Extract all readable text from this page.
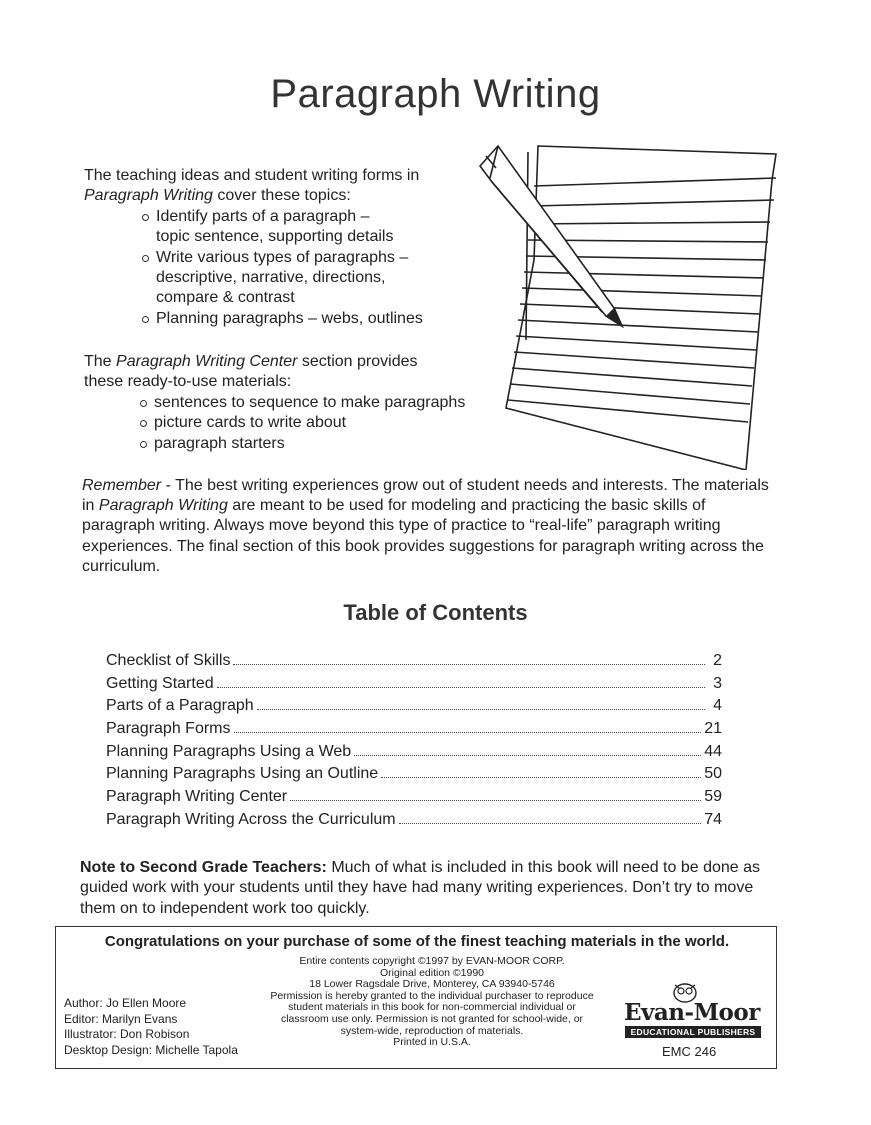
Paragraph Writing

The teaching ideas and student writing forms in

Paragraph Writing cover these topics:

Identify parts of a paragraph –
topic sentence, supporting details
Write various types of paragraphs –
descriptive, narrative, directions,
compare & contrast
Planning paragraphs – webs, outlines

The Paragraph Writing Center section provides

these ready-to-use materials:

sentences to sequence to make paragraphs
picture cards to write about
paragraph starters

Remember - The best writing experiences grow out of student needs and interests. The materials

in Paragraph Writing are meant to be used for modeling and practicing the basic skills of

paragraph writing. Always move beyond this type of practice to “real-life” paragraph writing

experiences. The final section of this book provides suggestions for paragraph writing across the

curriculum.

Table of Contents
Checklist of Skills	2
Getting Started	3
Parts of a Paragraph	4
Paragraph Forms	21
Planning Paragraphs Using a Web	44
Planning Paragraphs Using an Outline	50
Paragraph Writing Center	59
Paragraph Writing Across the Curriculum	74

Note to Second Grade Teachers: Much of what is included in this book will need to be done as

guided work with your students until they have had many writing experiences. Don’t try to move

them on to independent work too quickly.

Congratulations on your purchase of some of the finest teaching materials in the world.
Entire contents copyright ©1997 by EVAN-MOOR CORP.
Original edition ©1990
18 Lower Ragsdale Drive, Monterey, CA 93940-5746
Permission is hereby granted to the individual purchaser to reproduce
student materials in this book for non-commercial individual or
classroom use only. Permission is not granted for school-wide, or
system-wide, reproduction of materials.
Printed in U.S.A.
Author: Jo Ellen Moore
Editor: Marilyn Evans
Illustrator: Don Robison
Desktop Design: Michelle Tapola
Evan-Moor
EDUCATIONAL PUBLISHERS
EMC 246
